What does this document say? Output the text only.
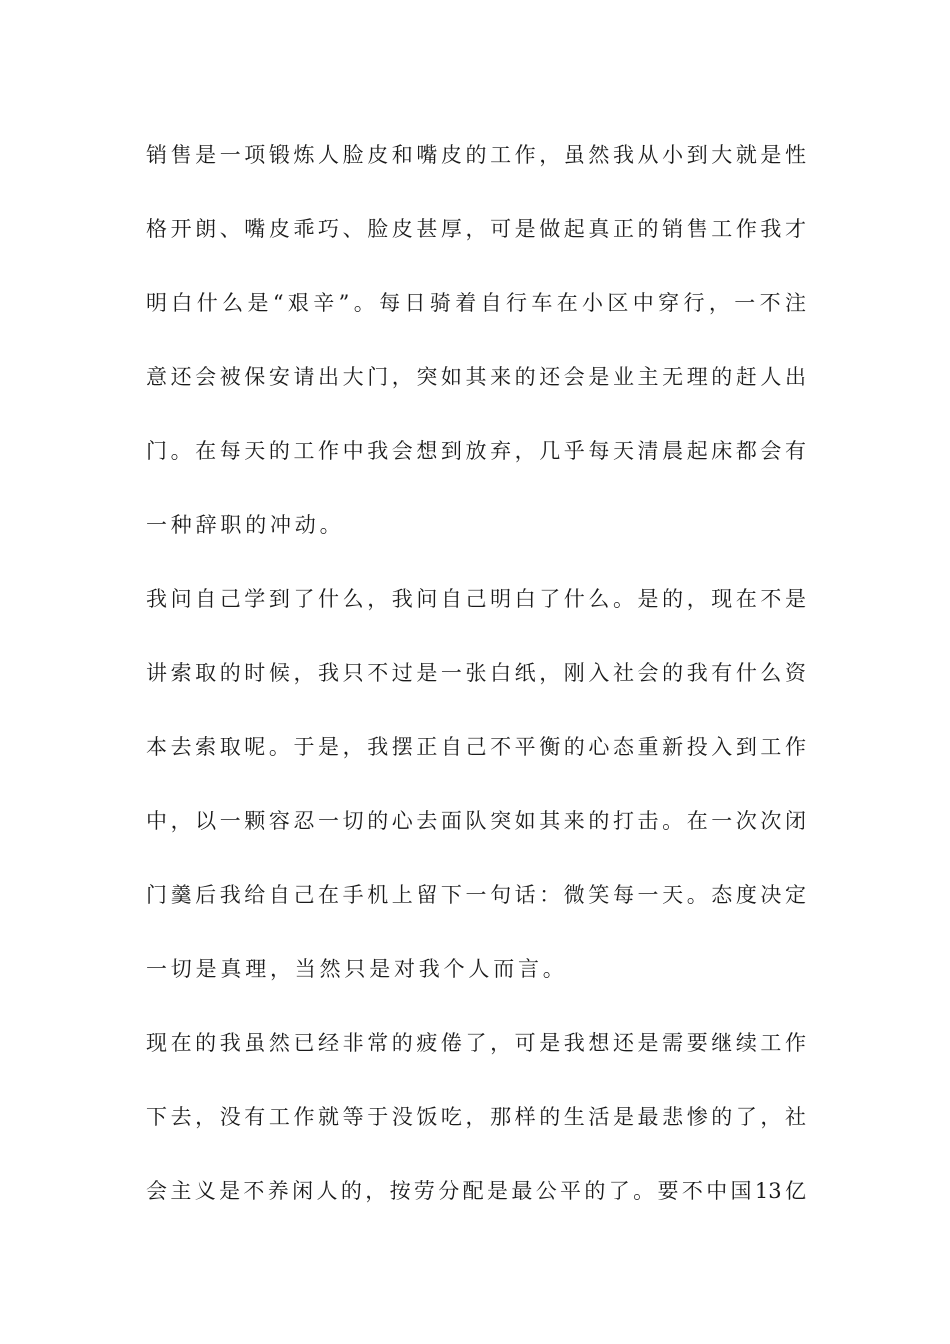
销售是一项锻炼人脸皮和嘴皮的工作，虽然我从小到大就是性

格开朗、嘴皮乖巧、脸皮甚厚，可是做起真正的销售工作我才

明白什么是“艰辛”。每日骑着自行车在小区中穿行，一不注

意还会被保安请出大门，突如其来的还会是业主无理的赶人出

门。在每天的工作中我会想到放弃，几乎每天清晨起床都会有

一种辞职的冲动。

我问自己学到了什么，我问自己明白了什么。是的，现在不是

讲索取的时候，我只不过是一张白纸，刚入社会的我有什么资

本去索取呢。于是，我摆正自己不平衡的心态重新投入到工作

中，以一颗容忍一切的心去面队突如其来的打击。在一次次闭

门羹后我给自己在手机上留下一句话：微笑每一天。态度决定

一切是真理，当然只是对我个人而言。

现在的我虽然已经非常的疲倦了，可是我想还是需要继续工作

下去，没有工作就等于没饭吃，那样的生活是最悲惨的了，社

会主义是不养闲人的，按劳分配是最公平的了。要不中国13亿
